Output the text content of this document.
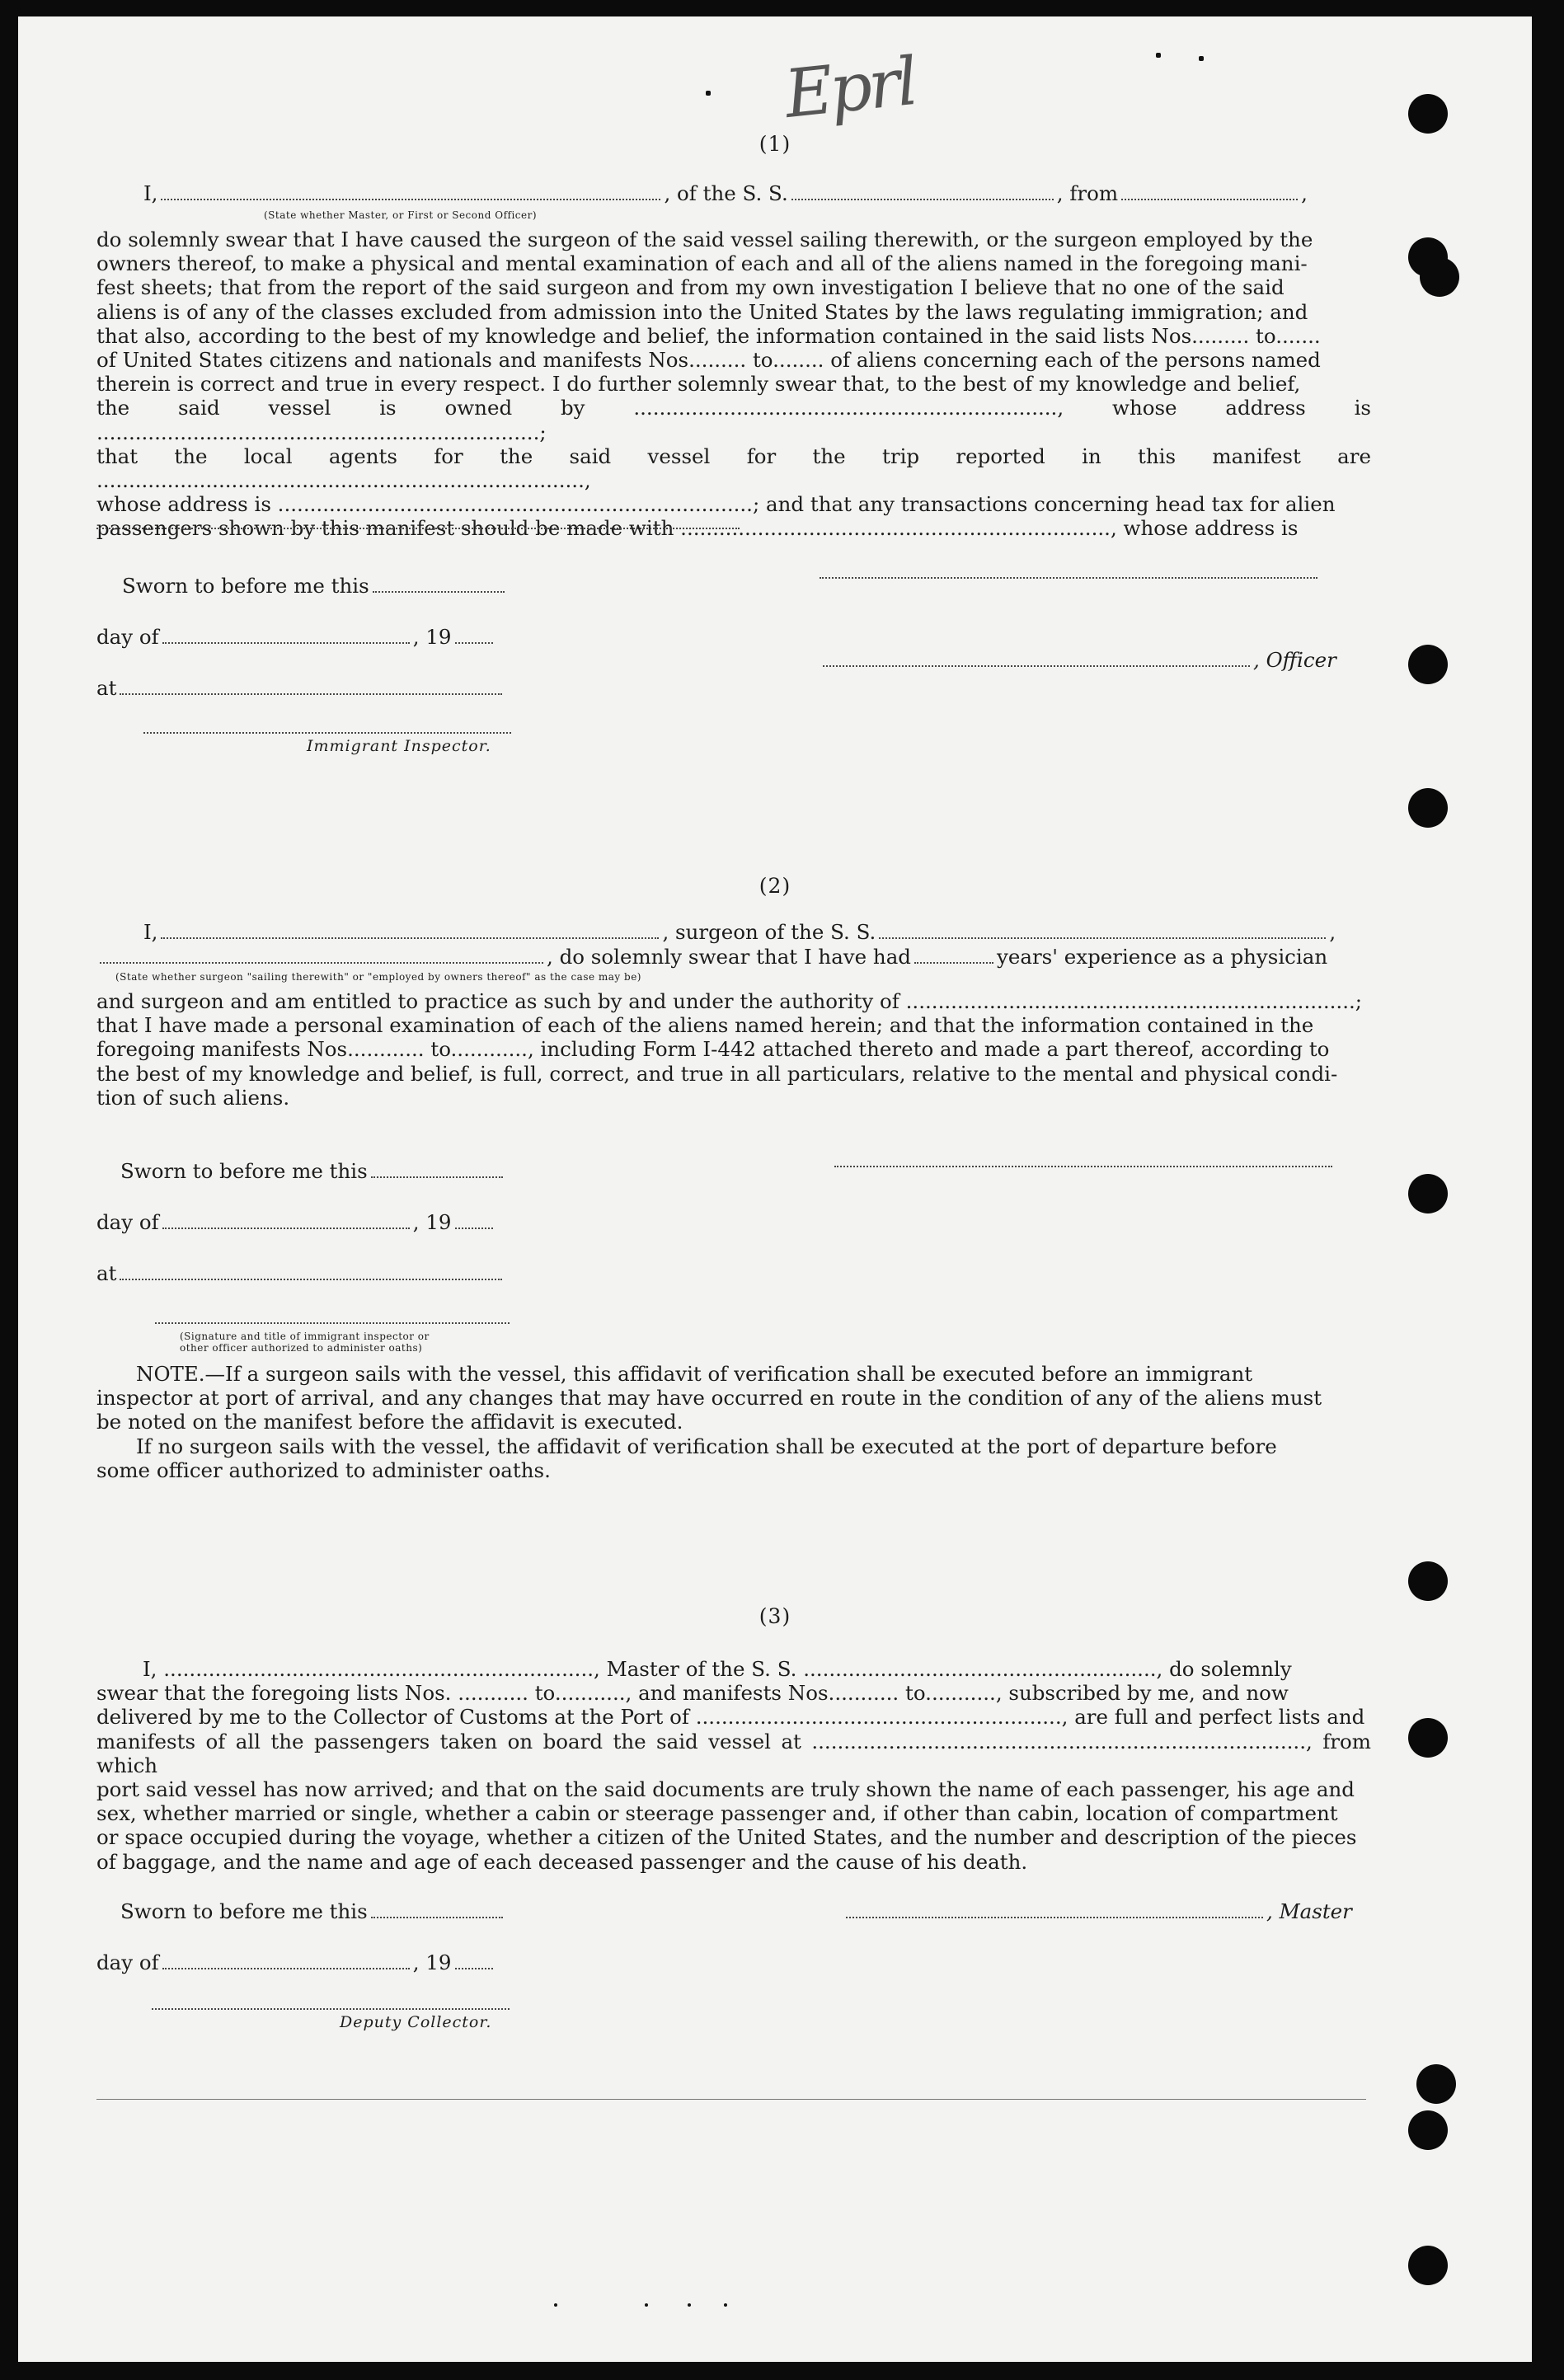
Eprl
(1)
I,	, of the S. S.	, from	,
(State whether Master, or First or Second Officer)
do solemnly swear that I have caused the surgeon of the said vessel sailing therewith, or the surgeon employed by the
owners thereof, to make a physical and mental examination of each and all of the aliens named in the foregoing mani-
fest sheets; that from the report of the said surgeon and from my own investigation I believe that no one of the said
aliens is of any of the classes excluded from admission into the United States by the laws regulating immigration; and
that also, according to the best of my knowledge and belief, the information contained in the said lists Nos......... to.......
of United States citizens and nationals and manifests Nos......... to........ of aliens concerning each of the persons named
therein is correct and true in every respect. I do further solemnly swear that, to the best of my knowledge and belief,
the said vessel is owned by .................................................................., whose address is .....................................................................;
that the local agents for the said vessel for the trip reported in this manifest are ............................................................................,
whose address is ..........................................................................; and that any transactions concerning head tax for alien
passengers shown by this manifest should be made with ..................................................................., whose address is
Sworn to before me this
day of	, 19
, Officer
at
Immigrant Inspector.
(2)
I,	, surgeon of the S. S.	,
, do solemnly swear that I have had	years' experience as a physician
(State whether surgeon "sailing therewith" or "employed by owners thereof" as the case may be)
and surgeon and am entitled to practice as such by and under the authority of ......................................................................;
that I have made a personal examination of each of the aliens named herein; and that the information contained in the
foregoing manifests Nos............ to............, including Form I-442 attached thereto and made a part thereof, according to
the best of my knowledge and belief, is full, correct, and true in all particulars, relative to the mental and physical condi-
tion of such aliens.
Sworn to before me this
day of	, 19
at
(Signature and title of immigrant inspector or
other officer authorized to administer oaths)
NOTE.—If a surgeon sails with the vessel, this affidavit of verification shall be executed before an immigrant
inspector at port of arrival, and any changes that may have occurred en route in the condition of any of the aliens must
be noted on the manifest before the affidavit is executed.
If no surgeon sails with the vessel, the affidavit of verification shall be executed at the port of departure before
some officer authorized to administer oaths.
(3)
I, ..................................................................., Master of the S. S. ......................................................., do solemnly
swear that the foregoing lists Nos. ........... to..........., and manifests Nos........... to..........., subscribed by me, and now
delivered by me to the Collector of Customs at the Port of ........................................................., are full and perfect lists and
manifests of all the passengers taken on board the said vessel at ............................................................................., from which
port said vessel has now arrived; and that on the said documents are truly shown the name of each passenger, his age and
sex, whether married or single, whether a cabin or steerage passenger and, if other than cabin, location of compartment
or space occupied during the voyage, whether a citizen of the United States, and the number and description of the pieces
of baggage, and the name and age of each deceased passenger and the cause of his death.
Sworn to before me this	, Master
day of	, 19
Deputy Collector.
